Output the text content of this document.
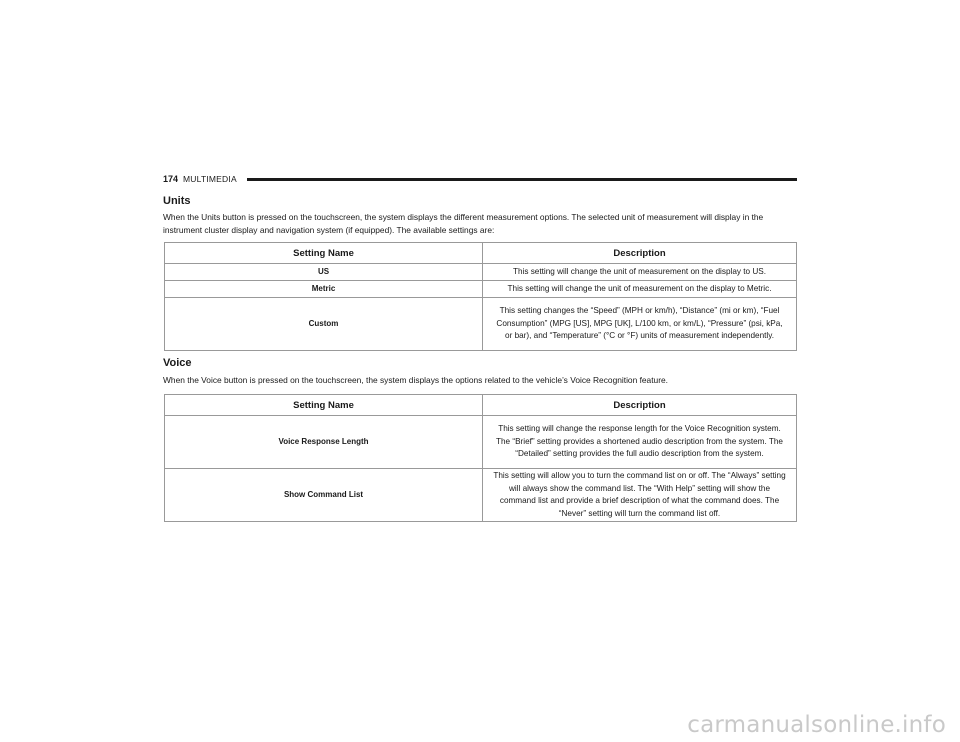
174 MULTIMEDIA
Units

When the Units button is pressed on the touchscreen, the system displays the different measurement options. The selected unit of measurement will display in the instrument cluster display and navigation system (if equipped). The available settings are:

Setting Name	Description
US	This setting will change the unit of measurement on the display to US.
Metric	This setting will change the unit of measurement on the display to Metric.
Custom	This setting changes the “Speed” (MPH or km/h), “Distance” (mi or km), “Fuel Consumption” (MPG [US], MPG [UK], L/100 km, or km/L), “Pressure” (psi, kPa, or bar), and “Temperature” (°C or °F) units of measurement independently.
Voice

When the Voice button is pressed on the touchscreen, the system displays the options related to the vehicle’s Voice Recognition feature.

Setting Name	Description
Voice Response Length	This setting will change the response length for the Voice Recognition system. The “Brief” setting provides a shortened audio description from the system. The “Detailed” setting provides the full audio description from the system.
Show Command List	This setting will allow you to turn the command list on or off. The “Always” setting will always show the command list. The “With Help” setting will show the command list and provide a brief description of what the command does. The “Never” setting will turn the command list off.
carmanualsonline.info
